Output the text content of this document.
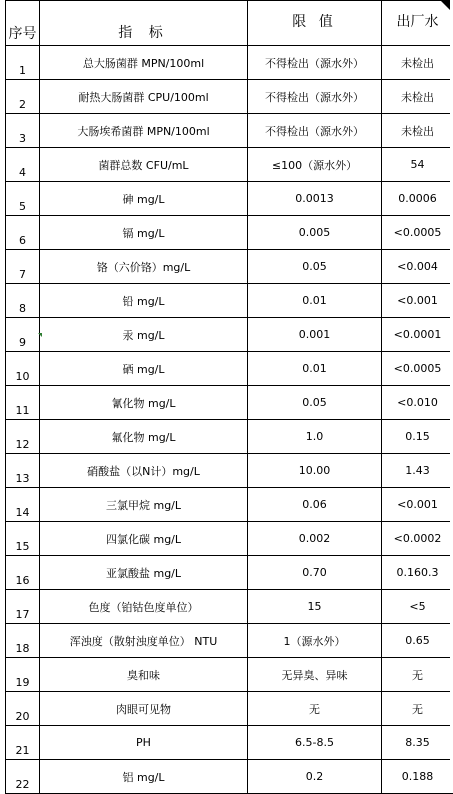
序号	指 标	限 值	出厂水
1	总大肠菌群 MPN/100ml	不得检出（源水外）	未检出
2	耐热大肠菌群 CPU/100ml	不得检出（源水外）	未检出
3	大肠埃希菌群 MPN/100ml	不得检出（源水外）	未检出
4	菌群总数 CFU/mL	≤100（源水外）	54
5	砷 mg/L	0.0013	0.0006
6	镉 mg/L	0.005	<0.0005
7	铬（六价铬）mg/L	0.05	<0.004
8	铅 mg/L	0.01	<0.001
9	汞 mg/L	0.001	<0.0001
10	硒 mg/L	0.01	<0.0005
11	氰化物 mg/L	0.05	<0.010
12	氟化物 mg/L	1.0	0.15
13	硝酸盐（以N计）mg/L	10.00	1.43
14	三氯甲烷 mg/L	0.06	<0.001
15	四氯化碳 mg/L	0.002	<0.0002
16	亚氯酸盐 mg/L	0.70	0.160.3
17	色度（铂钴色度单位）	15	<5
18	浑浊度（散射浊度单位） NTU	1（源水外）	0.65
19	臭和味	无异臭、异味	无
20	肉眼可见物	无	无
21	PH	6.5-8.5	8.35
22	铝 mg/L	0.2	0.188
